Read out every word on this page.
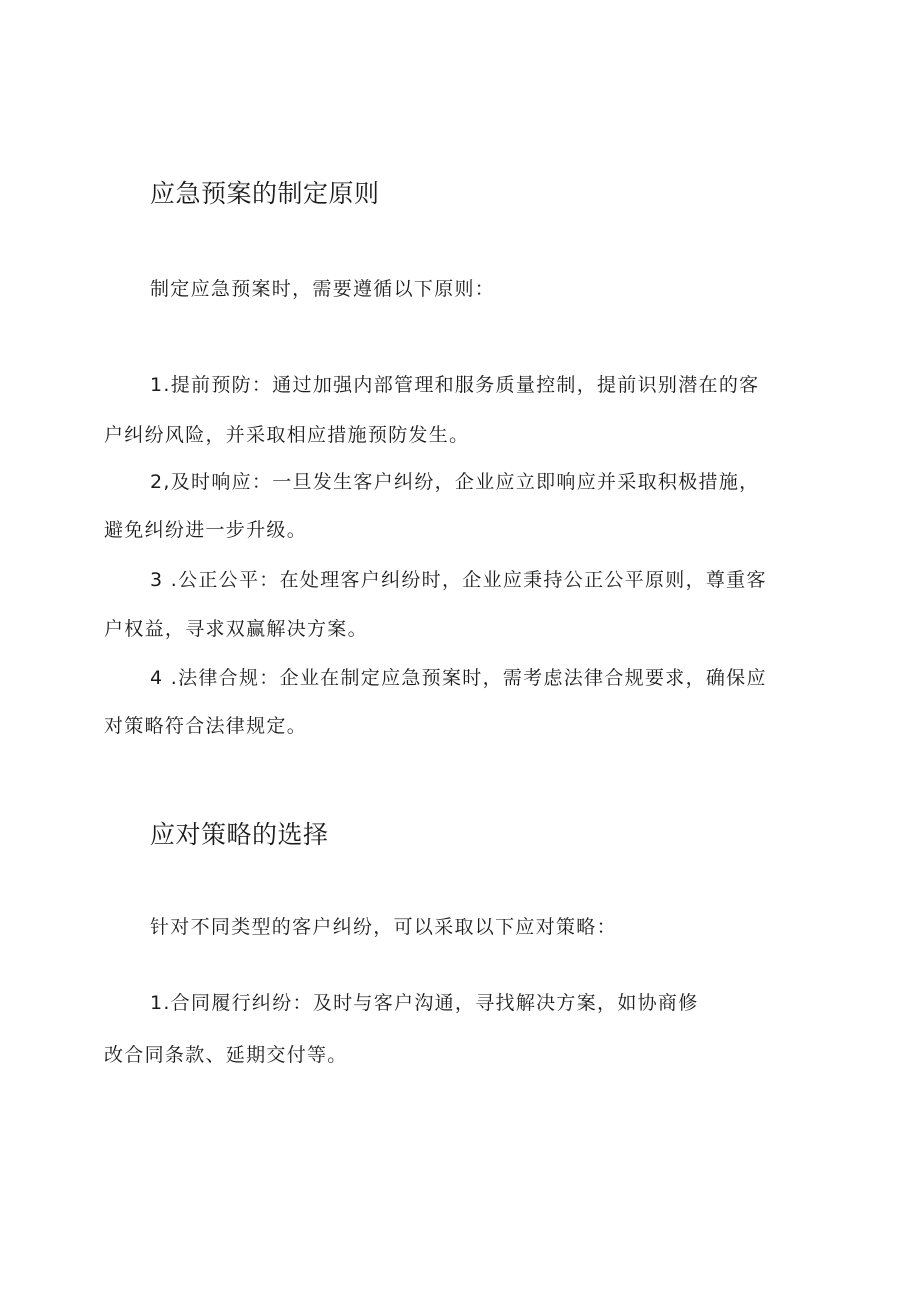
应急预案的制定原则

制定应急预案时，需要遵循以下原则：

1.提前预防：通过加强内部管理和服务质量控制，提前识别潜在的客

户纠纷风险，并采取相应措施预防发生。

2,及时响应：一旦发生客户纠纷，企业应立即响应并采取积极措施，

避免纠纷进一步升级。

3 .公正公平：在处理客户纠纷时，企业应秉持公正公平原则，尊重客

户权益，寻求双赢解决方案。

4 .法律合规：企业在制定应急预案时，需考虑法律合规要求，确保应

对策略符合法律规定。

应对策略的选择

针对不同类型的客户纠纷，可以采取以下应对策略：

1.合同履行纠纷：及时与客户沟通，寻找解决方案，如协商修

改合同条款、延期交付等。
